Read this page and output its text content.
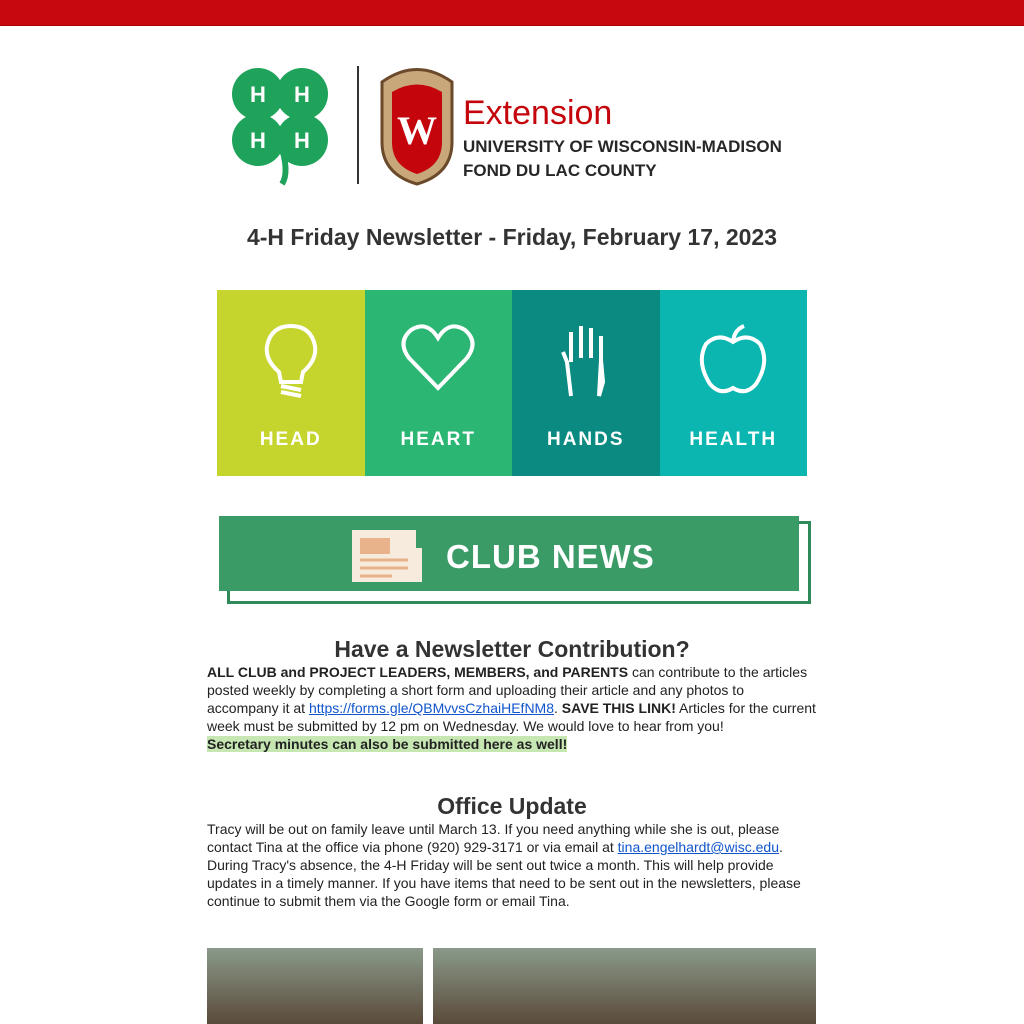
H H
H H W Extension
UNIVERSITY OF WISCONSIN-MADISON
FOND DU LAC COUNTY
4-H Friday Newsletter - Friday, February 17, 2023
HEAD	HEART	HANDS	HEALTH
CLUB NEWS
Have a Newsletter Contribution?
ALL CLUB and PROJECT LEADERS, MEMBERS, and PARENTS can contribute to the articles posted weekly by completing a short form and uploading their article and any photos to accompany it at https://forms.gle/QBMvvsCzhaiHEfNM8. SAVE THIS LINK! Articles for the current week must be submitted by 12 pm on Wednesday. We would love to hear from you!
Secretary minutes can also be submitted here as well!
Office Update
Tracy will be out on family leave until March 13. If you need anything while she is out, please contact Tina at the office via phone (920) 929-3171 or via email at tina.engelhardt@wisc.edu. During Tracy's absence, the 4-H Friday will be sent out twice a month. This will help provide updates in a timely manner. If you have items that need to be sent out in the newsletters, please continue to submit them via the Google form or email Tina.
